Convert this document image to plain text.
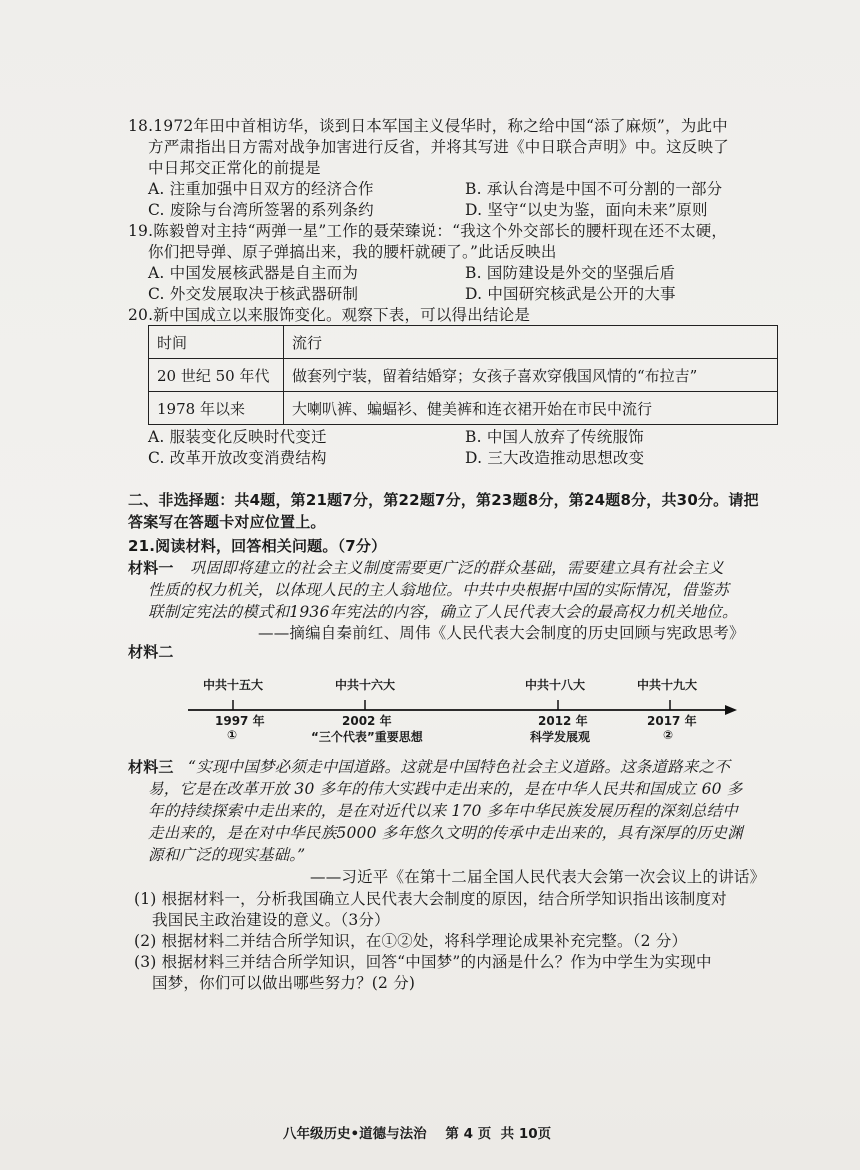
18.1972年田中首相访华，谈到日本军国主义侵华时，称之给中国“添了麻烦”，为此中
方严肃指出日方需对战争加害进行反省，并将其写进《中日联合声明》中。这反映了
中日邦交正常化的前提是
A. 注重加强中日双方的经济合作	B. 承认台湾是中国不可分割的一部分
C. 废除与台湾所签署的系列条约	D. 坚守“以史为鉴，面向未来”原则
19.陈毅曾对主持“两弹一星”工作的聂荣臻说：“我这个外交部长的腰杆现在还不太硬，
你们把导弹、原子弹搞出来，我的腰杆就硬了。”此话反映出
A. 中国发展核武器是自主而为	B. 国防建设是外交的坚强后盾
C. 外交发展取决于核武器研制	D. 中国研究核武是公开的大事
20.新中国成立以来服饰变化。观察下表，可以得出结论是
时间	流行
20 世纪 50 年代	做套列宁装，留着结婚穿；女孩子喜欢穿俄国风情的“布拉吉”
1978 年以来	大喇叭裤、蝙蝠衫、健美裤和连衣裙开始在市民中流行
A. 服装变化反映时代变迁	B. 中国人放弃了传统服饰
C. 改革开放改变消费结构	D. 三大改造推动思想改变
二、非选择题：共4题，第21题7分，第22题7分，第23题8分，第24题8分，共30分。请把
答案写在答题卡对应位置上。
21.阅读材料，回答相关问题。（7分）
材料一 巩固即将建立的社会主义制度需要更广泛的群众基础，需要建立具有社会主义
性质的权力机关，以体现人民的主人翁地位。中共中央根据中国的实际情况，借鉴苏
联制定宪法的模式和1936年宪法的内容，确立了人民代表大会的最高权力机关地位。
——摘编自秦前红、周伟《人民代表大会制度的历史回顾与宪政思考》
材料二
中共十五大	中共十六大	中共十八大	中共十九大
1997 年	2002 年	2012 年	2017 年
①	“三个代表”重要思想	科学发展观	②
材料三 “实现中国梦必须走中国道路。这就是中国特色社会主义道路。这条道路来之不
易，它是在改革开放 30 多年的伟大实践中走出来的，是在中华人民共和国成立 60 多
年的持续探索中走出来的，是在对近代以来 170 多年中华民族发展历程的深刻总结中
走出来的，是在对中华民族5000 多年悠久文明的传承中走出来的，具有深厚的历史渊
源和广泛的现实基础。”
——习近平《在第十二届全国人民代表大会第一次会议上的讲话》
(1) 根据材料一，分析我国确立人民代表大会制度的原因，结合所学知识指出该制度对
我国民主政治建设的意义。（3分）
(2) 根据材料二并结合所学知识，在①②处，将科学理论成果补充完整。（2 分）
(3) 根据材料三并结合所学知识，回答“中国梦”的内涵是什么？作为中学生为实现中
国梦，你们可以做出哪些努力？(2 分)
八年级历史•道德与法治    第 4 页  共 10页
